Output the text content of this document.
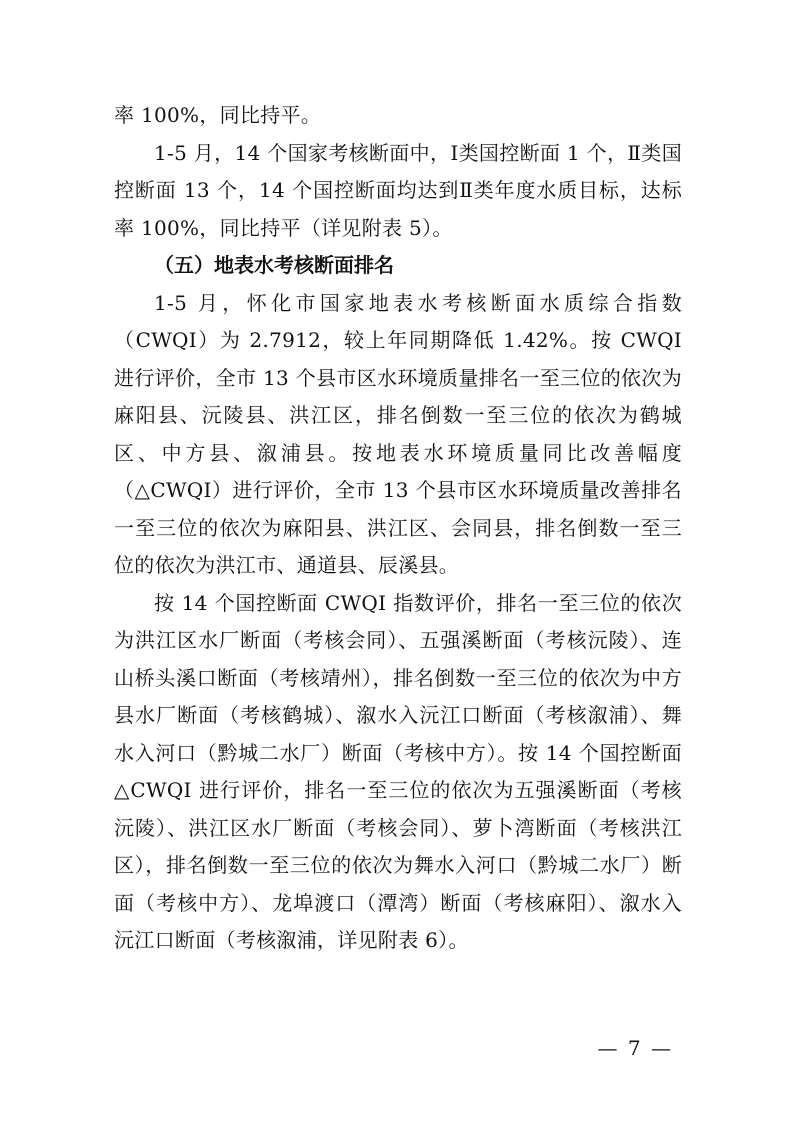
率 100%，同比持平。

1-5 月，14 个国家考核断面中，Ⅰ类国控断面 1 个，Ⅱ类国控断面 13 个，14 个国控断面均达到Ⅱ类年度水质目标，达标率 100%，同比持平（详见附表 5）。

（五）地表水考核断面排名

1-5 月，怀化市国家地表水考核断面水质综合指数（CWQI）为 2.7912，较上年同期降低 1.42%。按 CWQI 进行评价，全市 13 个县市区水环境质量排名一至三位的依次为麻阳县、沅陵县、洪江区，排名倒数一至三位的依次为鹤城区、中方县、溆浦县。按地表水环境质量同比改善幅度（△CWQI）进行评价，全市 13 个县市区水环境质量改善排名一至三位的依次为麻阳县、洪江区、会同县，排名倒数一至三位的依次为洪江市、通道县、辰溪县。

按 14 个国控断面 CWQI 指数评价，排名一至三位的依次为洪江区水厂断面（考核会同）、五强溪断面（考核沅陵）、连山桥头溪口断面（考核靖州），排名倒数一至三位的依次为中方县水厂断面（考核鹤城）、溆水入沅江口断面（考核溆浦）、舞水入河口（黔城二水厂）断面（考核中方）。按 14 个国控断面△CWQI 进行评价，排名一至三位的依次为五强溪断面（考核沅陵）、洪江区水厂断面（考核会同）、萝卜湾断面（考核洪江区），排名倒数一至三位的依次为舞水入河口（黔城二水厂）断面（考核中方）、龙埠渡口（潭湾）断面（考核麻阳）、溆水入沅江口断面（考核溆浦，详见附表 6）。

— 7 —
